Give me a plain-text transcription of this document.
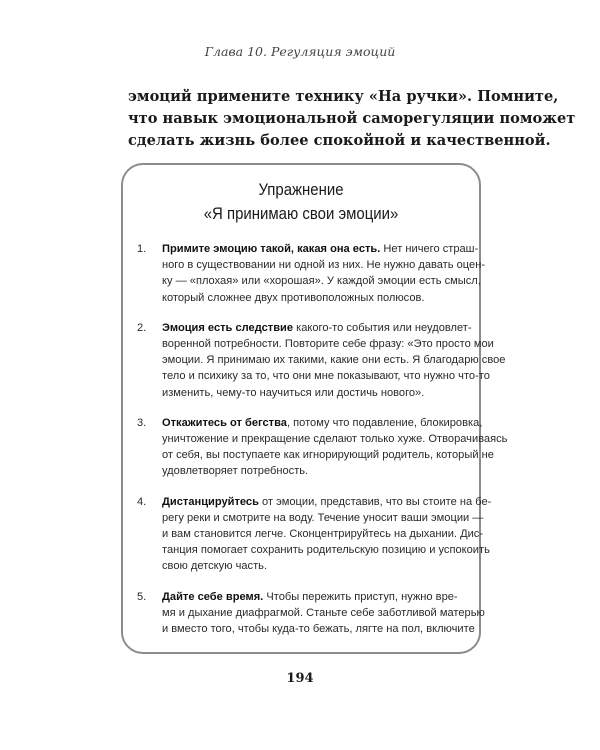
Глава 10. Регуляция эмоций
эмоций примените технику «На ручки». Помните,
что навык эмоциональной саморегуляции поможет
сделать жизнь более спокойной и качественной.
Упражнение
«Я принимаю свои эмоции»
1. Примите эмоцию такой, какая она есть. Нет ничего страш-
ного в существовании ни одной из них. Не нужно давать оцен-
ку — «плохая» или «хорошая». У каждой эмоции есть смысл,
который сложнее двух противоположных полюсов.
2. Эмоция есть следствие какого-то события или неудовлет-
воренной потребности. Повторите себе фразу: «Это просто мои
эмоции. Я принимаю их такими, какие они есть. Я благодарю свое
тело и психику за то, что они мне показывают, что нужно что-то
изменить, чему-то научиться или достичь нового».
3. Откажитесь от бегства, потому что подавление, блокировка,
уничтожение и прекращение сделают только хуже. Отворачиваясь
от себя, вы поступаете как игнорирующий родитель, который не
удовлетворяет потребность.
4. Дистанцируйтесь от эмоции, представив, что вы стоите на бе-
регу реки и смотрите на воду. Течение уносит ваши эмоции —
и вам становится легче. Сконцентрируйтесь на дыхании. Дис-
танция помогает сохранить родительскую позицию и успокоить
свою детскую часть.
5. Дайте себе время. Чтобы пережить приступ, нужно вре-
мя и дыхание диафрагмой. Станьте себе заботливой матерью
и вместо того, чтобы куда-то бежать, лягте на пол, включите
194
